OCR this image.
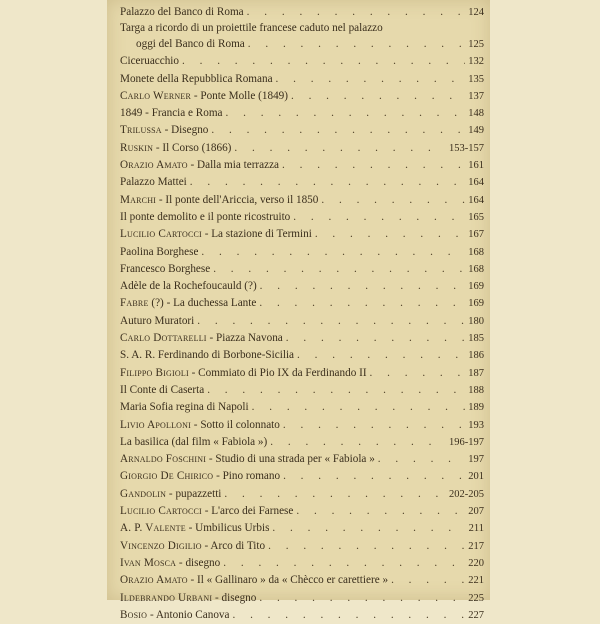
Palazzo del Banco di Roma . . .	124
Targa a ricordo di un proiettile francese caduto nel palazzo
oggi del Banco di Roma . . .	125
Ciceruacchio . . .	132
Monete della Repubblica Romana . . .	135
Carlo Werner - Ponte Molle (1849) . . .	137
1849 - Francia e Roma . . .	148
Trilussa - Disegno . . .	149
Ruskin - Il Corso (1866) . . .	153-157
Orazio Amato - Dalla mia terrazza . . .	161
Palazzo Mattei . . .	164
Marchi - Il ponte dell'Ariccia, verso il 1850 . . .	164
Il ponte demolito e il ponte ricostruito . . .	165
Lucilio Cartocci - La stazione di Termini . . .	167
Paolina Borghese . . .	168
Francesco Borghese . . .	168
Adèle de la Rochefoucauld (?) . . .	169
Fabre (?) - La duchessa Lante . . .	169
Auturo Muratori . . .	180
Carlo Dottarelli - Piazza Navona . . .	185
S. A. R. Ferdinando di Borbone-Sicilia . . .	186
Filippo Bigioli - Commiato di Pio IX da Ferdinando II . . .	187
Il Conte di Caserta . . .	188
Maria Sofia regina di Napoli . . .	189
Livio Apolloni - Sotto il colonnato . . .	193
La basilica (dal film « Fabiola ») . . .	196-197
Arnaldo Foschini - Studio di una strada per « Fabiola » . . .	197
Giorgio De Chirico - Pino romano . . .	201
Gandolin - pupazzetti . . .	202-205
Lucilio Cartocci - L'arco dei Farnese . . .	207
A. P. Valente - Umbilicus Urbis . . .	211
Vincenzo Digilio - Arco di Tito . . .	217
Ivan Mosca - disegno . . .	220
Orazio Amato - Il « Gallinaro » da « Chècco er carettiere » . . .	221
Ildebrando Urbani - disegno . . .	225
Bosio - Antonio Canova . . .	227
